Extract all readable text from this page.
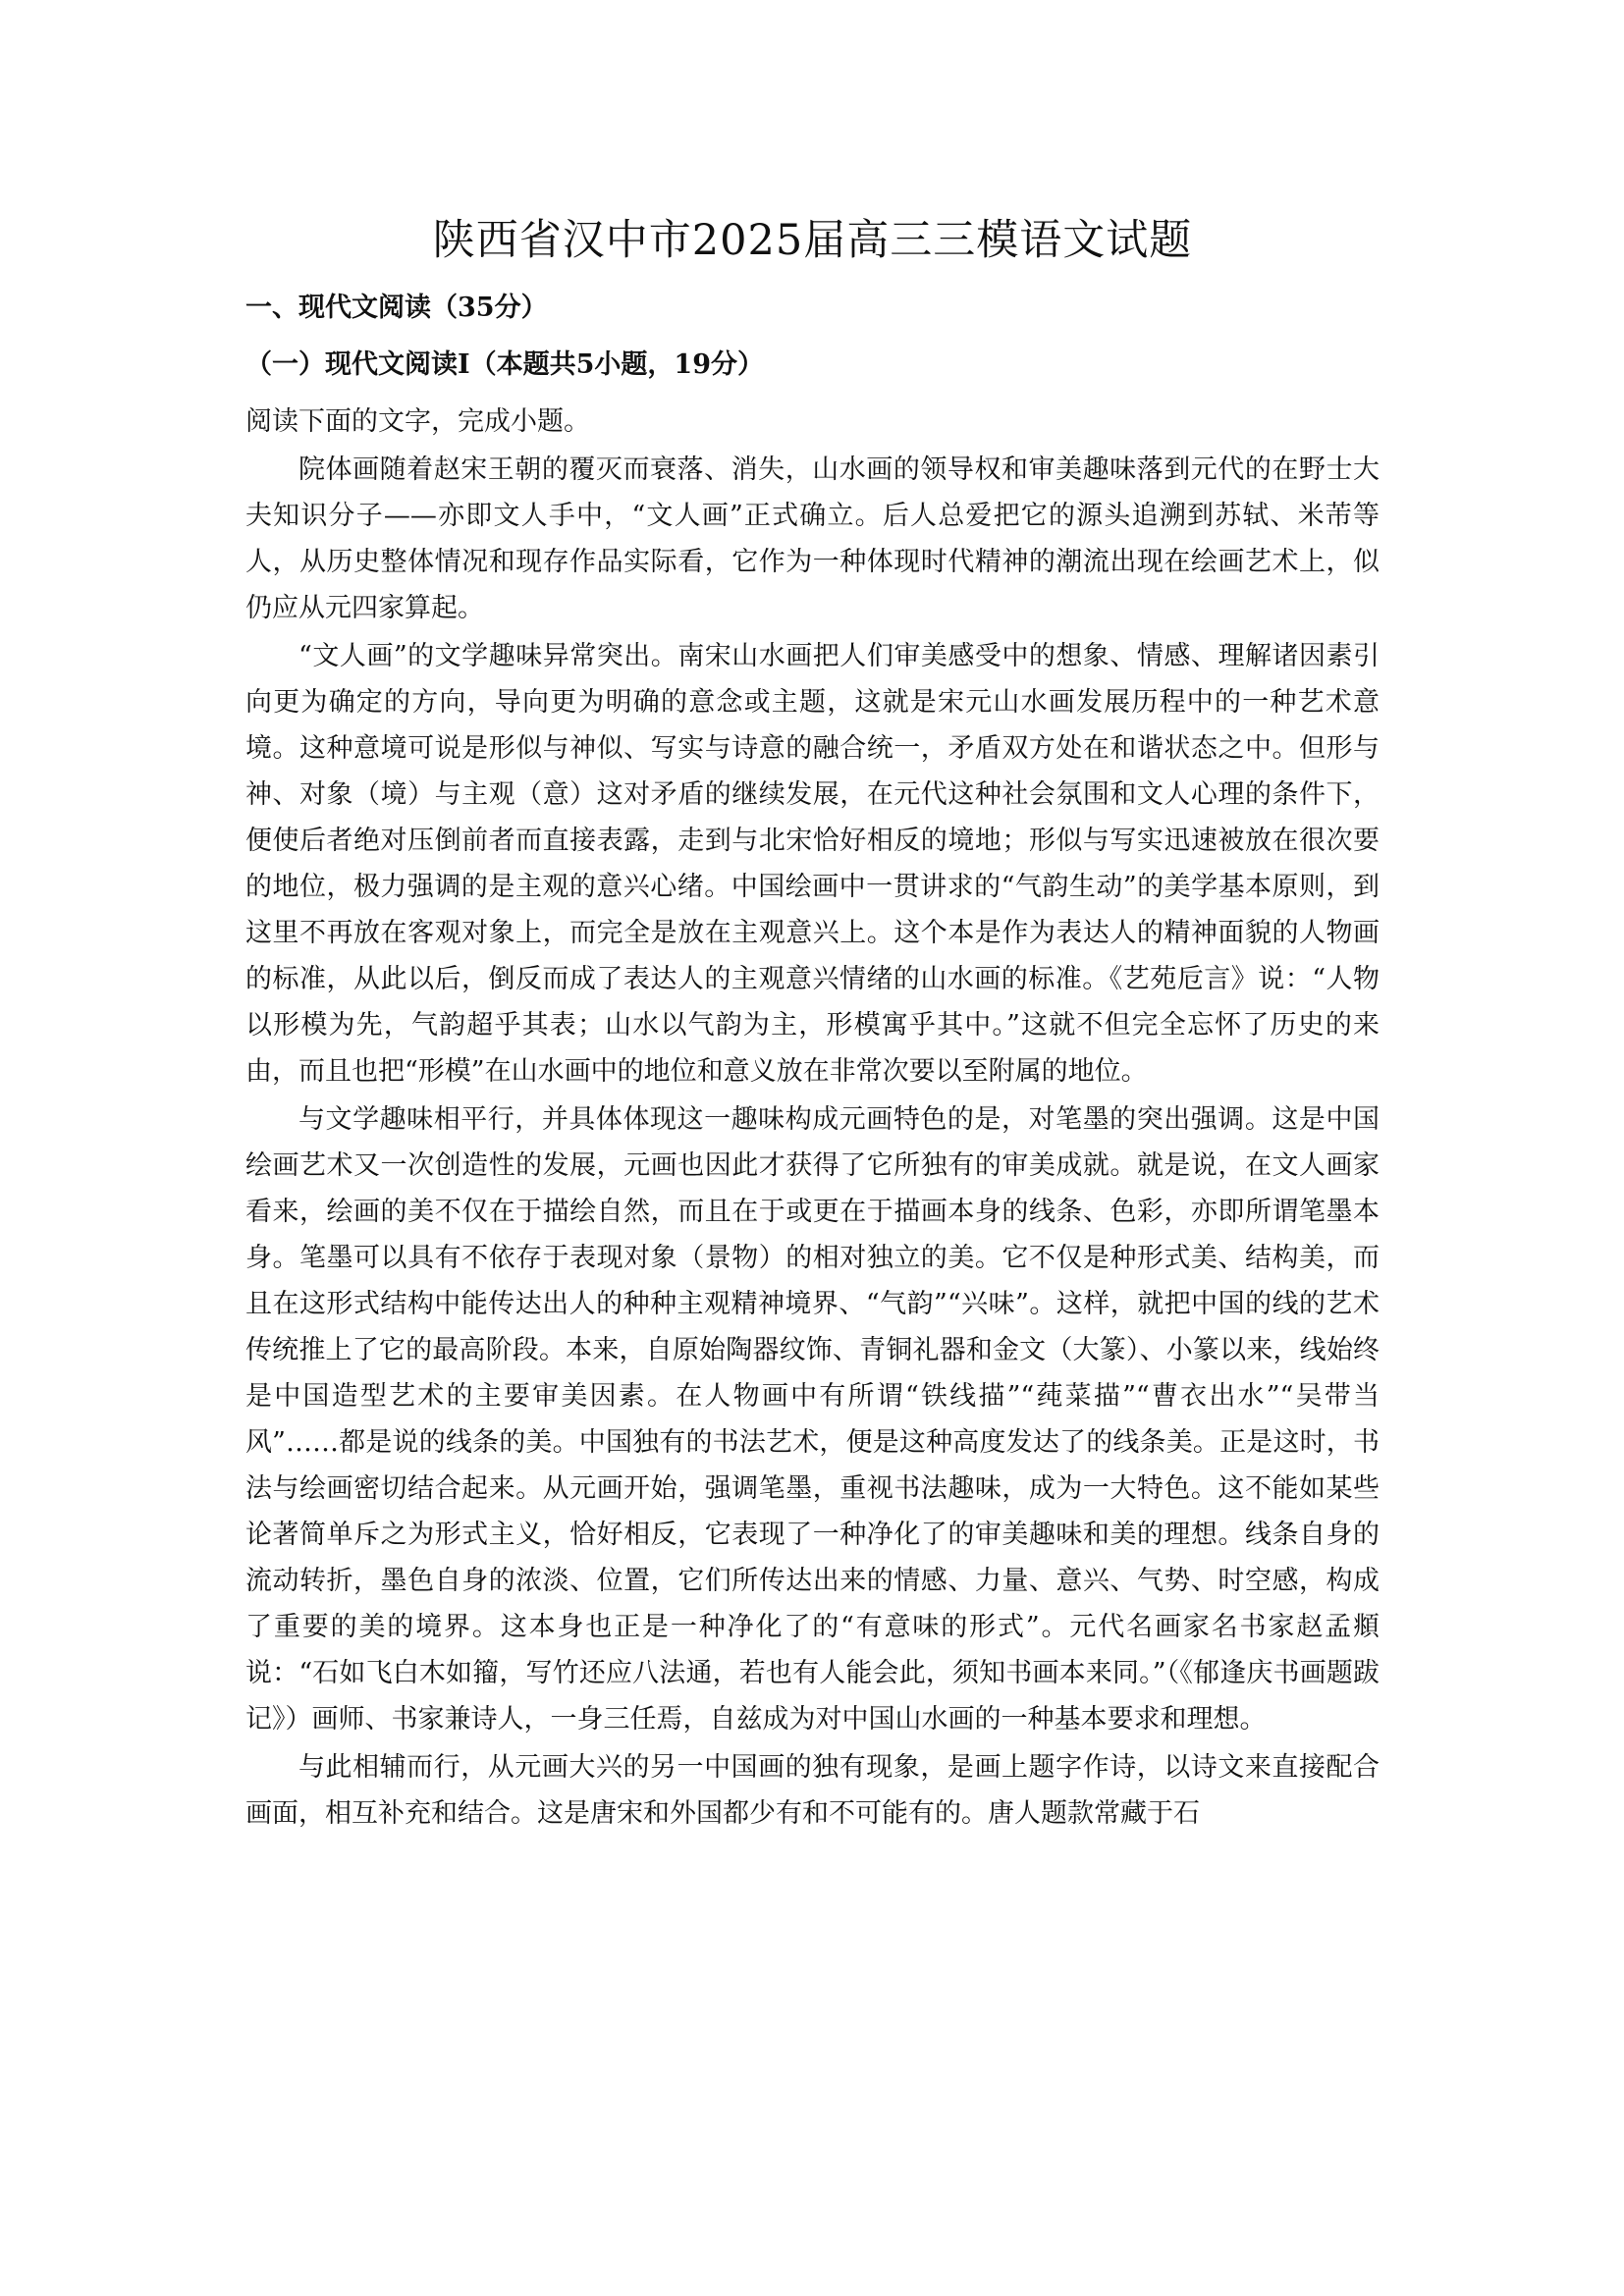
陕西省汉中市2025届高三三模语文试题
一、现代文阅读（35分）
（一）现代文阅读Ⅰ（本题共5小题，19分）
阅读下面的文字，完成小题。

院体画随着赵宋王朝的覆灭而衰落、消失，山水画的领导权和审美趣味落到元代的在野士大夫知识分子——亦即文人手中，“文人画”正式确立。后人总爱把它的源头追溯到苏轼、米芾等人，从历史整体情况和现存作品实际看，它作为一种体现时代精神的潮流出现在绘画艺术上，似仍应从元四家算起。

“文人画”的文学趣味异常突出。南宋山水画把人们审美感受中的想象、情感、理解诸因素引向更为确定的方向，导向更为明确的意念或主题，这就是宋元山水画发展历程中的一种艺术意境。这种意境可说是形似与神似、写实与诗意的融合统一，矛盾双方处在和谐状态之中。但形与神、对象（境）与主观（意）这对矛盾的继续发展，在元代这种社会氛围和文人心理的条件下，便使后者绝对压倒前者而直接表露，走到与北宋恰好相反的境地；形似与写实迅速被放在很次要的地位，极力强调的是主观的意兴心绪。中国绘画中一贯讲求的“气韵生动”的美学基本原则，到这里不再放在客观对象上，而完全是放在主观意兴上。这个本是作为表达人的精神面貌的人物画的标准，从此以后，倒反而成了表达人的主观意兴情绪的山水画的标准。《艺苑卮言》说：“人物以形模为先，气韵超乎其表；山水以气韵为主，形模寓乎其中。”这就不但完全忘怀了历史的来由，而且也把“形模”在山水画中的地位和意义放在非常次要以至附属的地位。

与文学趣味相平行，并具体体现这一趣味构成元画特色的是，对笔墨的突出强调。这是中国绘画艺术又一次创造性的发展，元画也因此才获得了它所独有的审美成就。就是说，在文人画家看来，绘画的美不仅在于描绘自然，而且在于或更在于描画本身的线条、色彩，亦即所谓笔墨本身。笔墨可以具有不依存于表现对象（景物）的相对独立的美。它不仅是种形式美、结构美，而且在这形式结构中能传达出人的种种主观精神境界、“气韵”“兴味”。这样，就把中国的线的艺术传统推上了它的最高阶段。本来，自原始陶器纹饰、青铜礼器和金文（大篆）、小篆以来，线始终是中国造型艺术的主要审美因素。在人物画中有所谓“铁线描”“莼菜描”“曹衣出水”“吴带当风”……都是说的线条的美。中国独有的书法艺术，便是这种高度发达了的线条美。正是这时，书法与绘画密切结合起来。从元画开始，强调笔墨，重视书法趣味，成为一大特色。这不能如某些论著简单斥之为形式主义，恰好相反，它表现了一种净化了的审美趣味和美的理想。线条自身的流动转折，墨色自身的浓淡、位置，它们所传达出来的情感、力量、意兴、气势、时空感，构成了重要的美的境界。这本身也正是一种净化了的“有意味的形式”。元代名画家名书家赵孟頫说：“石如飞白木如籀，写竹还应八法通，若也有人能会此，须知书画本来同。”（《郁逢庆书画题跋记》）画师、书家兼诗人，一身三任焉，自兹成为对中国山水画的一种基本要求和理想。

与此相辅而行，从元画大兴的另一中国画的独有现象，是画上题字作诗，以诗文来直接配合画面，相互补充和结合。这是唐宋和外国都少有和不可能有的。唐人题款常藏于石
